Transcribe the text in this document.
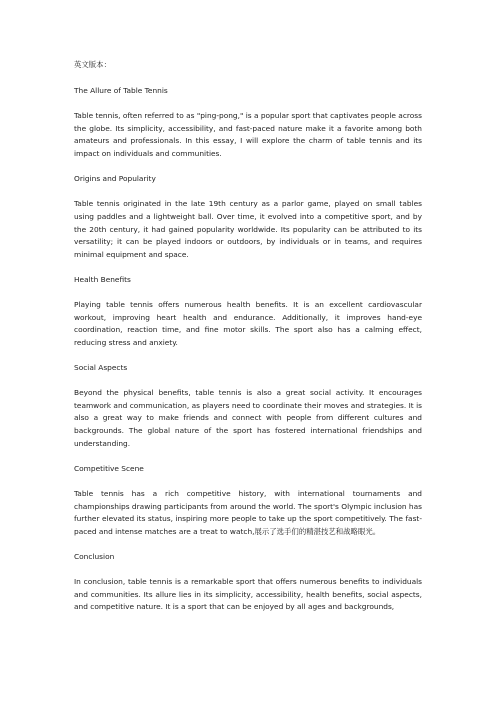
英文版本：

The Allure of Table Tennis

Table tennis, often referred to as "ping-pong," is a popular sport that captivates people across the globe. Its simplicity, accessibility, and fast-paced nature make it a favorite among both amateurs and professionals. In this essay, I will explore the charm of table tennis and its impact on individuals and communities.

Origins and Popularity

Table tennis originated in the late 19th century as a parlor game, played on small tables using paddles and a lightweight ball. Over time, it evolved into a competitive sport, and by the 20th century, it had gained popularity worldwide. Its popularity can be attributed to its versatility; it can be played indoors or outdoors, by individuals or in teams, and requires minimal equipment and space.

Health Benefits

Playing table tennis offers numerous health benefits. It is an excellent cardiovascular workout, improving heart health and endurance. Additionally, it improves hand-eye coordination, reaction time, and fine motor skills. The sport also has a calming effect, reducing stress and anxiety.

Social Aspects

Beyond the physical benefits, table tennis is also a great social activity. It encourages teamwork and communication, as players need to coordinate their moves and strategies. It is also a great way to make friends and connect with people from different cultures and backgrounds. The global nature of the sport has fostered international friendships and understanding.

Competitive Scene

Table tennis has a rich competitive history, with international tournaments and championships drawing participants from around the world. The sport's Olympic inclusion has further elevated its status, inspiring more people to take up the sport competitively. The fast-paced and intense matches are a treat to watch,展示了选手们的精湛技艺和战略眼光。

Conclusion

In conclusion, table tennis is a remarkable sport that offers numerous benefits to individuals and communities. Its allure lies in its simplicity, accessibility, health benefits, social aspects, and competitive nature. It is a sport that can be enjoyed by all ages and backgrounds,
